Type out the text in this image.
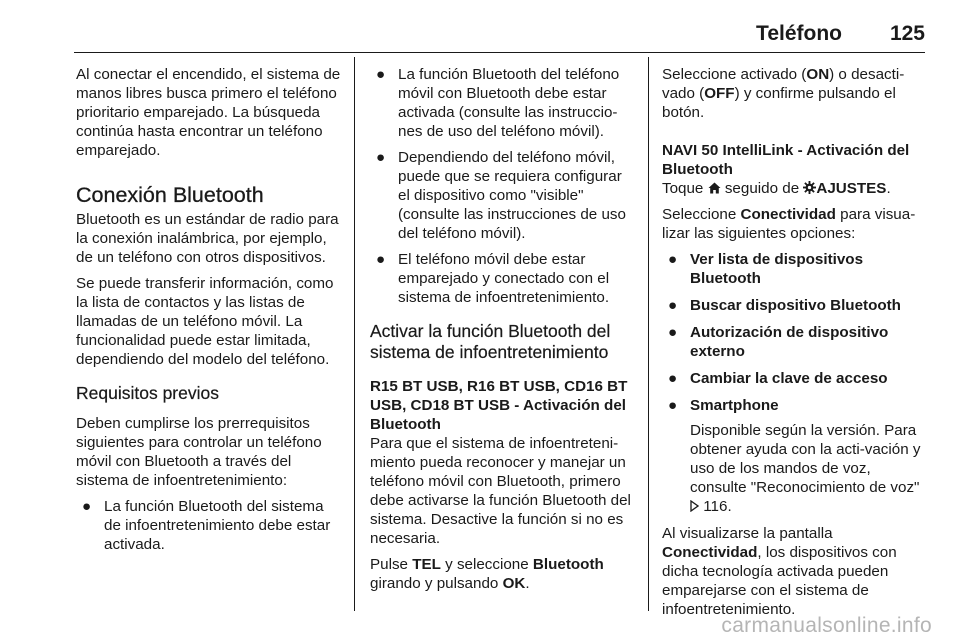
Teléfono 125

Al conectar el encendido, el sistema de manos libres busca primero el teléfono prioritario emparejado. La búsqueda continúa hasta encontrar un teléfono emparejado.

Conexión Bluetooth

Bluetooth es un estándar de radio para la conexión inalámbrica, por ejemplo, de un teléfono con otros dispositivos.

Se puede transferir información, como la lista de contactos y las listas de llamadas de un teléfono móvil. La funcionalidad puede estar limitada, dependiendo del modelo del teléfono.

Requisitos previos

Deben cumplirse los prerrequisitos siguientes para controlar un teléfono móvil con Bluetooth a través del sistema de infoentretenimiento:

● La función Bluetooth del sistema de infoentretenimiento debe estar activada.
● La función Bluetooth del teléfono móvil con Bluetooth debe estar activada (consulte las instruccio-nes de uso del teléfono móvil).
● Dependiendo del teléfono móvil, puede que se requiera configurar el dispositivo como "visible" (consulte las instrucciones de uso del teléfono móvil).
● El teléfono móvil debe estar emparejado y conectado con el sistema de infoentretenimiento.
Activar la función Bluetooth del sistema de infoentretenimiento
R15 BT USB, R16 BT USB, CD16 BT USB, CD18 BT USB - Activación del Bluetooth

Para que el sistema de infoentreteni-miento pueda reconocer y manejar un teléfono móvil con Bluetooth, primero debe activarse la función Bluetooth del sistema. Desactive la función si no es necesaria.

Pulse TEL y seleccione Bluetooth girando y pulsando OK.

Seleccione activado (ON) o desacti-vado (OFF) y confirme pulsando el botón.

NAVI 50 IntelliLink - Activación del Bluetooth

Toque  seguido de AJUSTES.

Seleccione Conectividad para visua-lizar las siguientes opciones:

● Ver lista de dispositivos Bluetooth
● Buscar dispositivo Bluetooth
● Autorización de dispositivo externo
● Cambiar la clave de acceso
● Smartphone
Disponible según la versión. Para obtener ayuda con la acti-vación y uso de los mandos de voz, consulte "Reconocimiento de voz"  116.

Al visualizarse la pantalla Conectividad, los dispositivos con dicha tecnología activada pueden emparejarse con el sistema de infoentretenimiento.

carmanualsonline.info
